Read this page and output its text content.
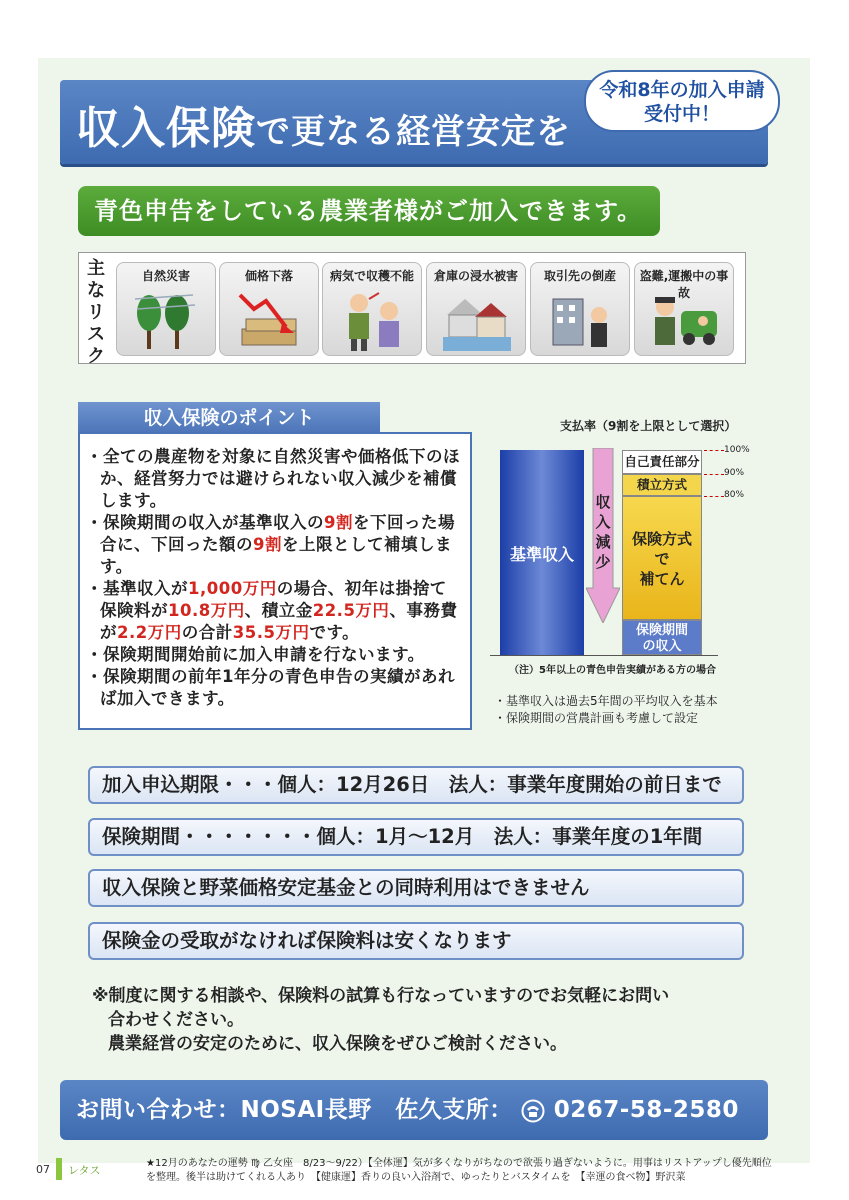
収入保険で更なる経営安定を
令和8年の加入申請
受付中！
青色申告をしている農業者様がご加入できます。
主
な
リ
ス
ク
自然災害	価格下落	病気で収穫不能	倉庫の浸水被害	取引先の倒産	盗難,運搬中の事故
収入保険のポイント

・全ての農産物を対象に自然災害や価格低下のほか、経営努力では避けられない収入減少を補償します。

・保険期間の収入が基準収入の9割を下回った場合に、下回った額の9割を上限として補填します。

・基準収入が1,000万円の場合、初年は掛捨て保険料が10.8万円、積立金22.5万円、事務費が2.2万円の合計35.5万円です。

・保険期間開始前に加入申請を行ないます。

・保険期間の前年1年分の青色申告の実績があれば加入できます。

支払率（9割を上限として選択）
基準収入
収
入
減
少
自己責任部分
積立方式
保険方式
で
補てん
保険期間
の収入
100%
90%
80%
（注）5年以上の青色申告実績がある方の場合
・基準収入は過去5年間の平均収入を基本
・保険期間の営農計画も考慮して設定
加入申込期限・・・個人：12月26日　法人：事業年度開始の前日まで
保険期間・・・・・・・個人：1月～12月　法人：事業年度の1年間
収入保険と野菜価格安定基金との同時利用はできません
保険金の受取がなければ保険料は安くなります
※制度に関する相談や、保険料の試算も行なっていますのでお気軽にお問い
合わせください。
農業経営の安定のために、収入保険をぜひご検討ください。
お問い合わせ：NOSAI長野　佐久支所： 0267-58-2580
07 レタス
★12月のあなたの運勢 ♍ 乙女座　8/23〜9/22）【全体運】気が多くなりがちなので欲張り過ぎないように。用事はリストアップし優先順位
を整理。後半は助けてくれる人あり　【健康運】香りの良い入浴剤で、ゆったりとバスタイムを　【幸運の食べ物】野沢菜
